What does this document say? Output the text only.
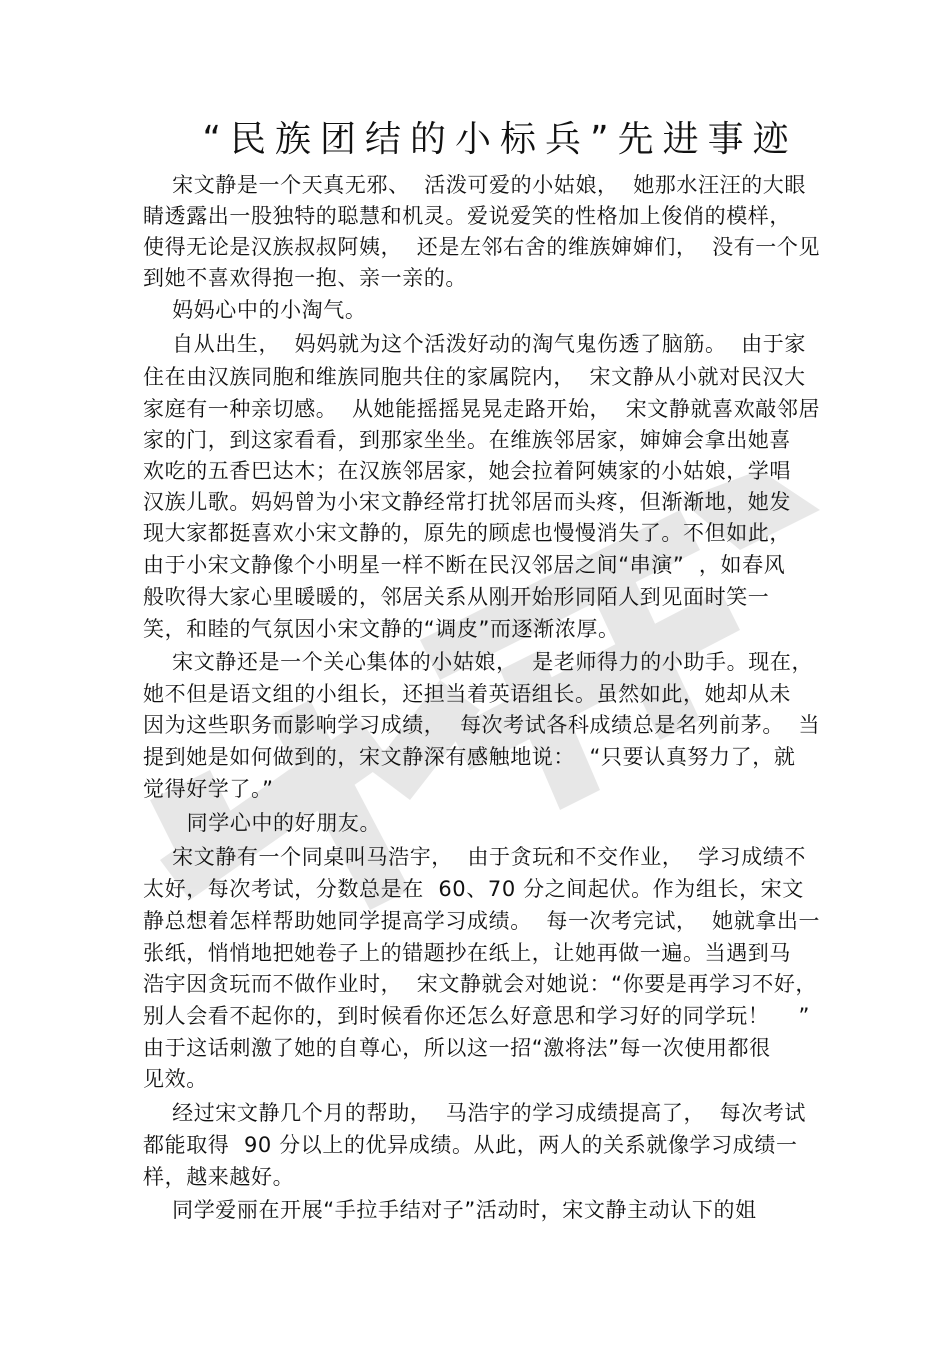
“民族团结的小标兵”先进事迹
宋文静是一个天真无邪、  活泼可爱的小姑娘，  她那水汪汪的大眼
睛透露出一股独特的聪慧和机灵。爱说爱笑的性格加上俊俏的模样，
使得无论是汉族叔叔阿姨，  还是左邻右舍的维族婶婶们，  没有一个见
到她不喜欢得抱一抱、亲一亲的。
妈妈心中的小淘气。
自从出生，  妈妈就为这个活泼好动的淘气鬼伤透了脑筋。  由于家
住在由汉族同胞和维族同胞共住的家属院内，  宋文静从小就对民汉大
家庭有一种亲切感。  从她能摇摇晃晃走路开始，  宋文静就喜欢敲邻居
家的门，到这家看看，到那家坐坐。在维族邻居家，婶婶会拿出她喜
欢吃的五香巴达木；在汉族邻居家，她会拉着阿姨家的小姑娘，学唱
汉族儿歌。妈妈曾为小宋文静经常打扰邻居而头疼，但渐渐地，她发
现大家都挺喜欢小宋文静的，原先的顾虑也慢慢消失了。不但如此，
由于小宋文静像个小明星一样不断在民汉邻居之间“串演”  ，如春风
般吹得大家心里暖暖的，邻居关系从刚开始形同陌人到见面时笑一
笑，和睦的气氛因小宋文静的“调皮”而逐渐浓厚。
宋文静还是一个关心集体的小姑娘，  是老师得力的小助手。现在，
她不但是语文组的小组长，还担当着英语组长。虽然如此，她却从未
因为这些职务而影响学习成绩，  每次考试各科成绩总是名列前茅。  当
提到她是如何做到的，宋文静深有感触地说：  “只要认真努力了，就
觉得好学了。”
同学心中的好朋友。
宋文静有一个同桌叫马浩宇，  由于贪玩和不交作业，  学习成绩不
太好，每次考试，分数总是在  60、70 分之间起伏。作为组长，宋文
静总想着怎样帮助她同学提高学习成绩。  每一次考完试，  她就拿出一
张纸，悄悄地把她卷子上的错题抄在纸上，让她再做一遍。当遇到马
浩宇因贪玩而不做作业时，  宋文静就会对她说：“你要是再学习不好，
别人会看不起你的，到时候看你还怎么好意思和学习好的同学玩！    ”
由于这话刺激了她的自尊心，所以这一招“激将法”每一次使用都很
见效。
经过宋文静几个月的帮助，  马浩宇的学习成绩提高了，  每次考试
都能取得  90 分以上的优异成绩。从此，两人的关系就像学习成绩一
样，越来越好。
同学爱丽在开展“手拉手结对子”活动时，宋文静主动认下的姐
